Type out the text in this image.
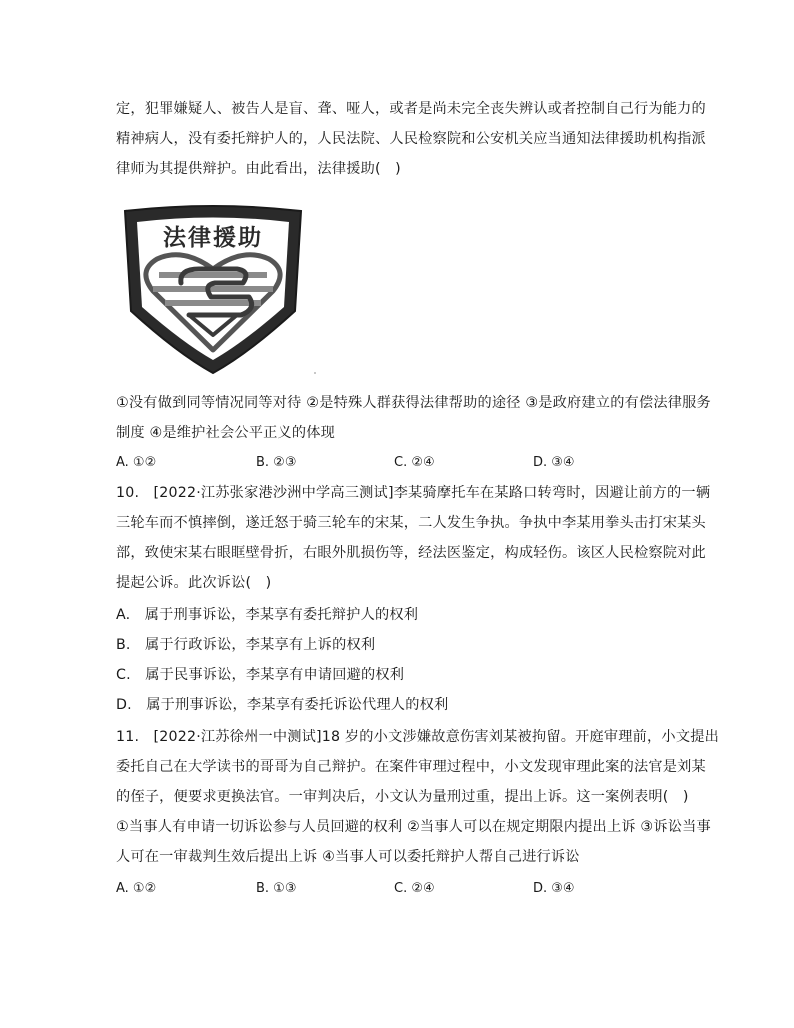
定，犯罪嫌疑人、被告人是盲、聋、哑人，或者是尚未完全丧失辨认或者控制自己行为能力的
精神病人，没有委托辩护人的，人民法院、人民检察院和公安机关应当通知法律援助机构指派
律师为其提供辩护。由此看出，法律援助(　)
法律援助
①没有做到同等情况同等对待 ②是特殊人群获得法律帮助的途径 ③是政府建立的有偿法律服务
制度 ④是维护社会公平正义的体现
A. ①②	B. ②③	C. ②④	D. ③④
10.　[2022·江苏张家港沙洲中学高三测试]李某骑摩托车在某路口转弯时，因避让前方的一辆
三轮车而不慎摔倒，遂迁怒于骑三轮车的宋某，二人发生争执。争执中李某用拳头击打宋某头
部，致使宋某右眼眶壁骨折，右眼外肌损伤等，经法医鉴定，构成轻伤。该区人民检察院对此
提起公诉。此次诉讼(　)
A.　属于刑事诉讼，李某享有委托辩护人的权利
B.　属于行政诉讼，李某享有上诉的权利
C.　属于民事诉讼，李某享有申请回避的权利
D.　属于刑事诉讼，李某享有委托诉讼代理人的权利
11.　[2022·江苏徐州一中测试]18 岁的小文涉嫌故意伤害刘某被拘留。开庭审理前，小文提出
委托自己在大学读书的哥哥为自己辩护。在案件审理过程中，小文发现审理此案的法官是刘某
的侄子，便要求更换法官。一审判决后，小文认为量刑过重，提出上诉。这一案例表明(　)
①当事人有申请一切诉讼参与人员回避的权利 ②当事人可以在规定期限内提出上诉 ③诉讼当事
人可在一审裁判生效后提出上诉 ④当事人可以委托辩护人帮自己进行诉讼
A. ①②	B. ①③	C. ②④	D. ③④
